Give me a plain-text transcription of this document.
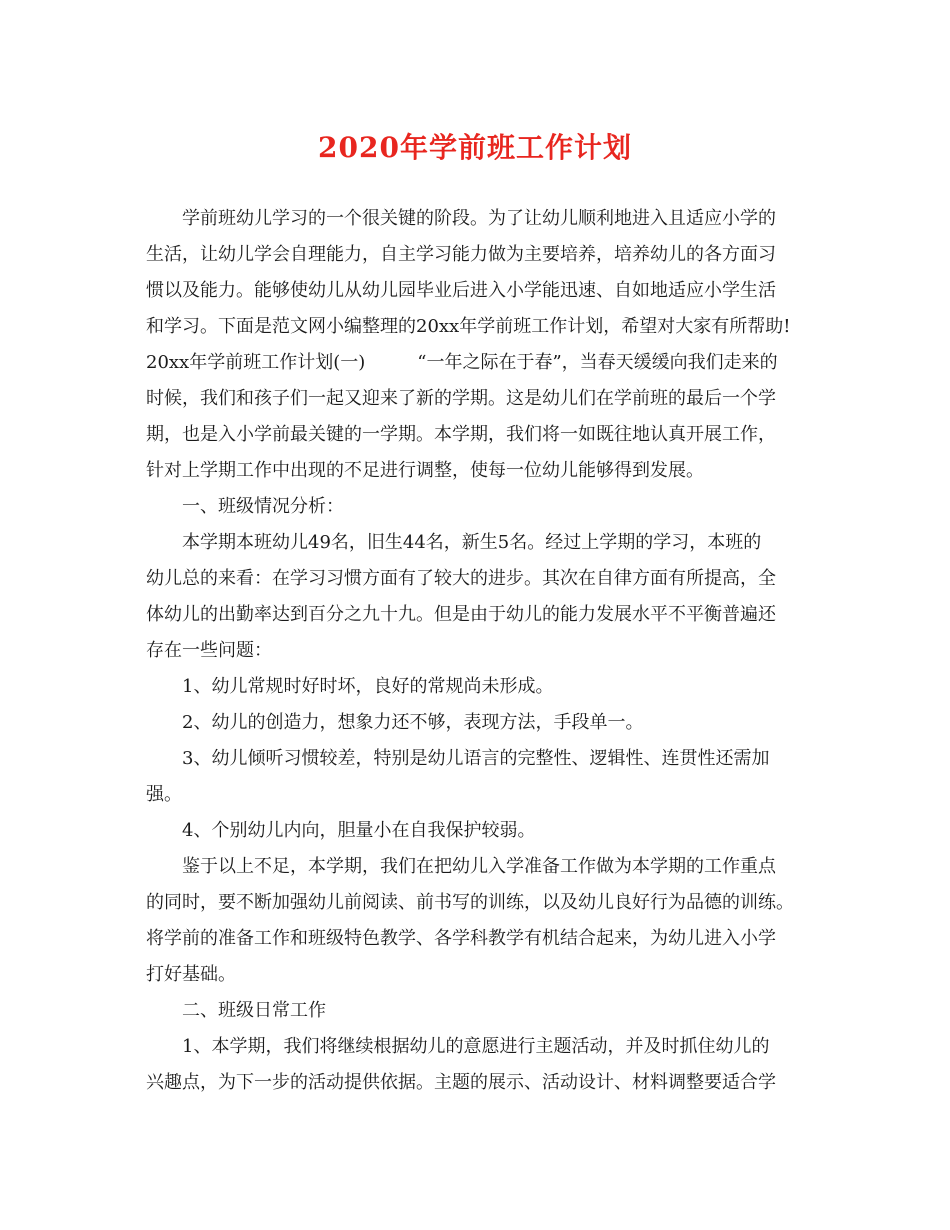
2020年学前班工作计划

学前班幼儿学习的一个很关键的阶段。为了让幼儿顺利地进入且适应小学的

生活，让幼儿学会自理能力，自主学习能力做为主要培养，培养幼儿的各方面习

惯以及能力。能够使幼儿从幼儿园毕业后进入小学能迅速、自如地适应小学生活

和学习。下面是范文网小编整理的20xx年学前班工作计划，希望对大家有所帮助!

20xx年学前班工作计划(一)	“一年之际在于春”，当春天缓缓向我们走来的

时候，我们和孩子们一起又迎来了新的学期。这是幼儿们在学前班的最后一个学

期，也是入小学前最关键的一学期。本学期，我们将一如既往地认真开展工作，

针对上学期工作中出现的不足进行调整，使每一位幼儿能够得到发展。

一、班级情况分析：

本学期本班幼儿49名，旧生44名，新生5名。经过上学期的学习，本班的

幼儿总的来看：在学习习惯方面有了较大的进步。其次在自律方面有所提高，全

体幼儿的出勤率达到百分之九十九。但是由于幼儿的能力发展水平不平衡普遍还

存在一些问题：

1、幼儿常规时好时坏，良好的常规尚未形成。

2、幼儿的创造力，想象力还不够，表现方法，手段单一。

3、幼儿倾听习惯较差，特别是幼儿语言的完整性、逻辑性、连贯性还需加

强。

4、个别幼儿内向，胆量小在自我保护较弱。

鉴于以上不足，本学期，我们在把幼儿入学准备工作做为本学期的工作重点

的同时，要不断加强幼儿前阅读、前书写的训练，以及幼儿良好行为品德的训练。

将学前的准备工作和班级特色教学、各学科教学有机结合起来，为幼儿进入小学

打好基础。

二、班级日常工作

1、本学期，我们将继续根据幼儿的意愿进行主题活动，并及时抓住幼儿的

兴趣点，为下一步的活动提供依据。主题的展示、活动设计、材料调整要适合学
